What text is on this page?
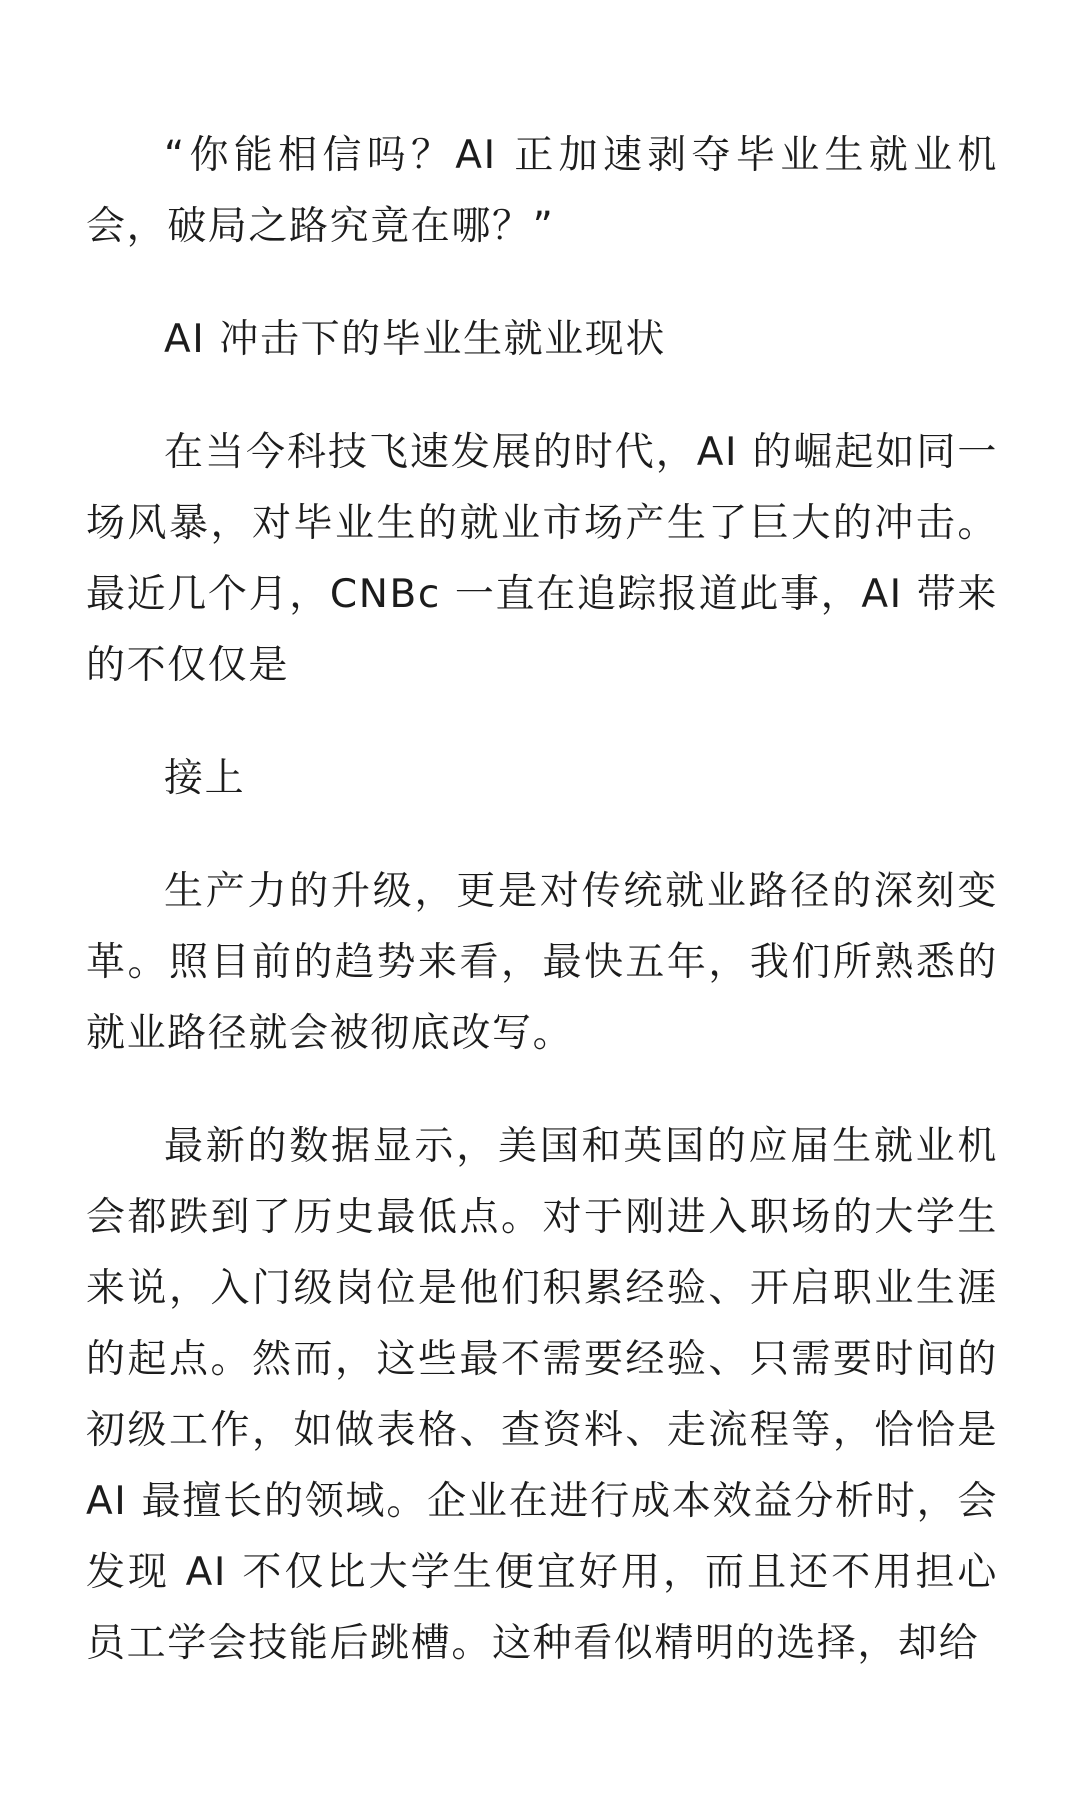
“你能相信吗？AI 正加速剥夺毕业生就业机会，破局之路究竟在哪？”

AI 冲击下的毕业生就业现状

在当今科技飞速发展的时代，AI 的崛起如同一场风暴，对毕业生的就业市场产生了巨大的冲击。最近几个月，CNBc 一直在追踪报道此事，AI 带来的不仅仅是

接上

生产力的升级，更是对传统就业路径的深刻变革。照目前的趋势来看，最快五年，我们所熟悉的就业路径就会被彻底改写。

最新的数据显示，美国和英国的应届生就业机会都跌到了历史最低点。对于刚进入职场的大学生来说，入门级岗位是他们积累经验、开启职业生涯的起点。然而，这些最不需要经验、只需要时间的初级工作，如做表格、查资料、走流程等，恰恰是AI 最擅长的领域。企业在进行成本效益分析时，会发现 AI 不仅比大学生便宜好用，而且还不用担心员工学会技能后跳槽。这种看似精明的选择，却给
